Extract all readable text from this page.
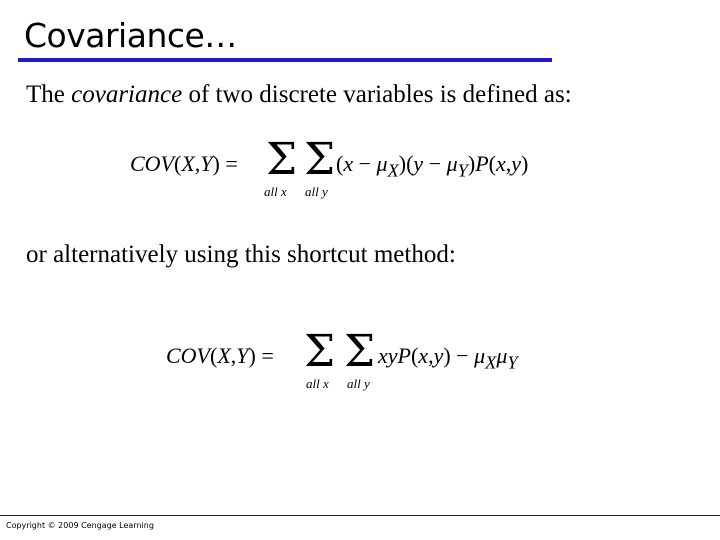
Covariance…
The covariance of two discrete variables is defined as:
COV(X,Y) = Σ
all x
Σ
all y
$(x - \mu_X)(y - \mu_Y)P(x,y)$
or alternatively using this shortcut method:
COV(X,Y) = Σ
all x
Σ
all y
$xyP(x,y) - \mu_X\mu_Y$
Copyright © 2009 Cengage Learning
